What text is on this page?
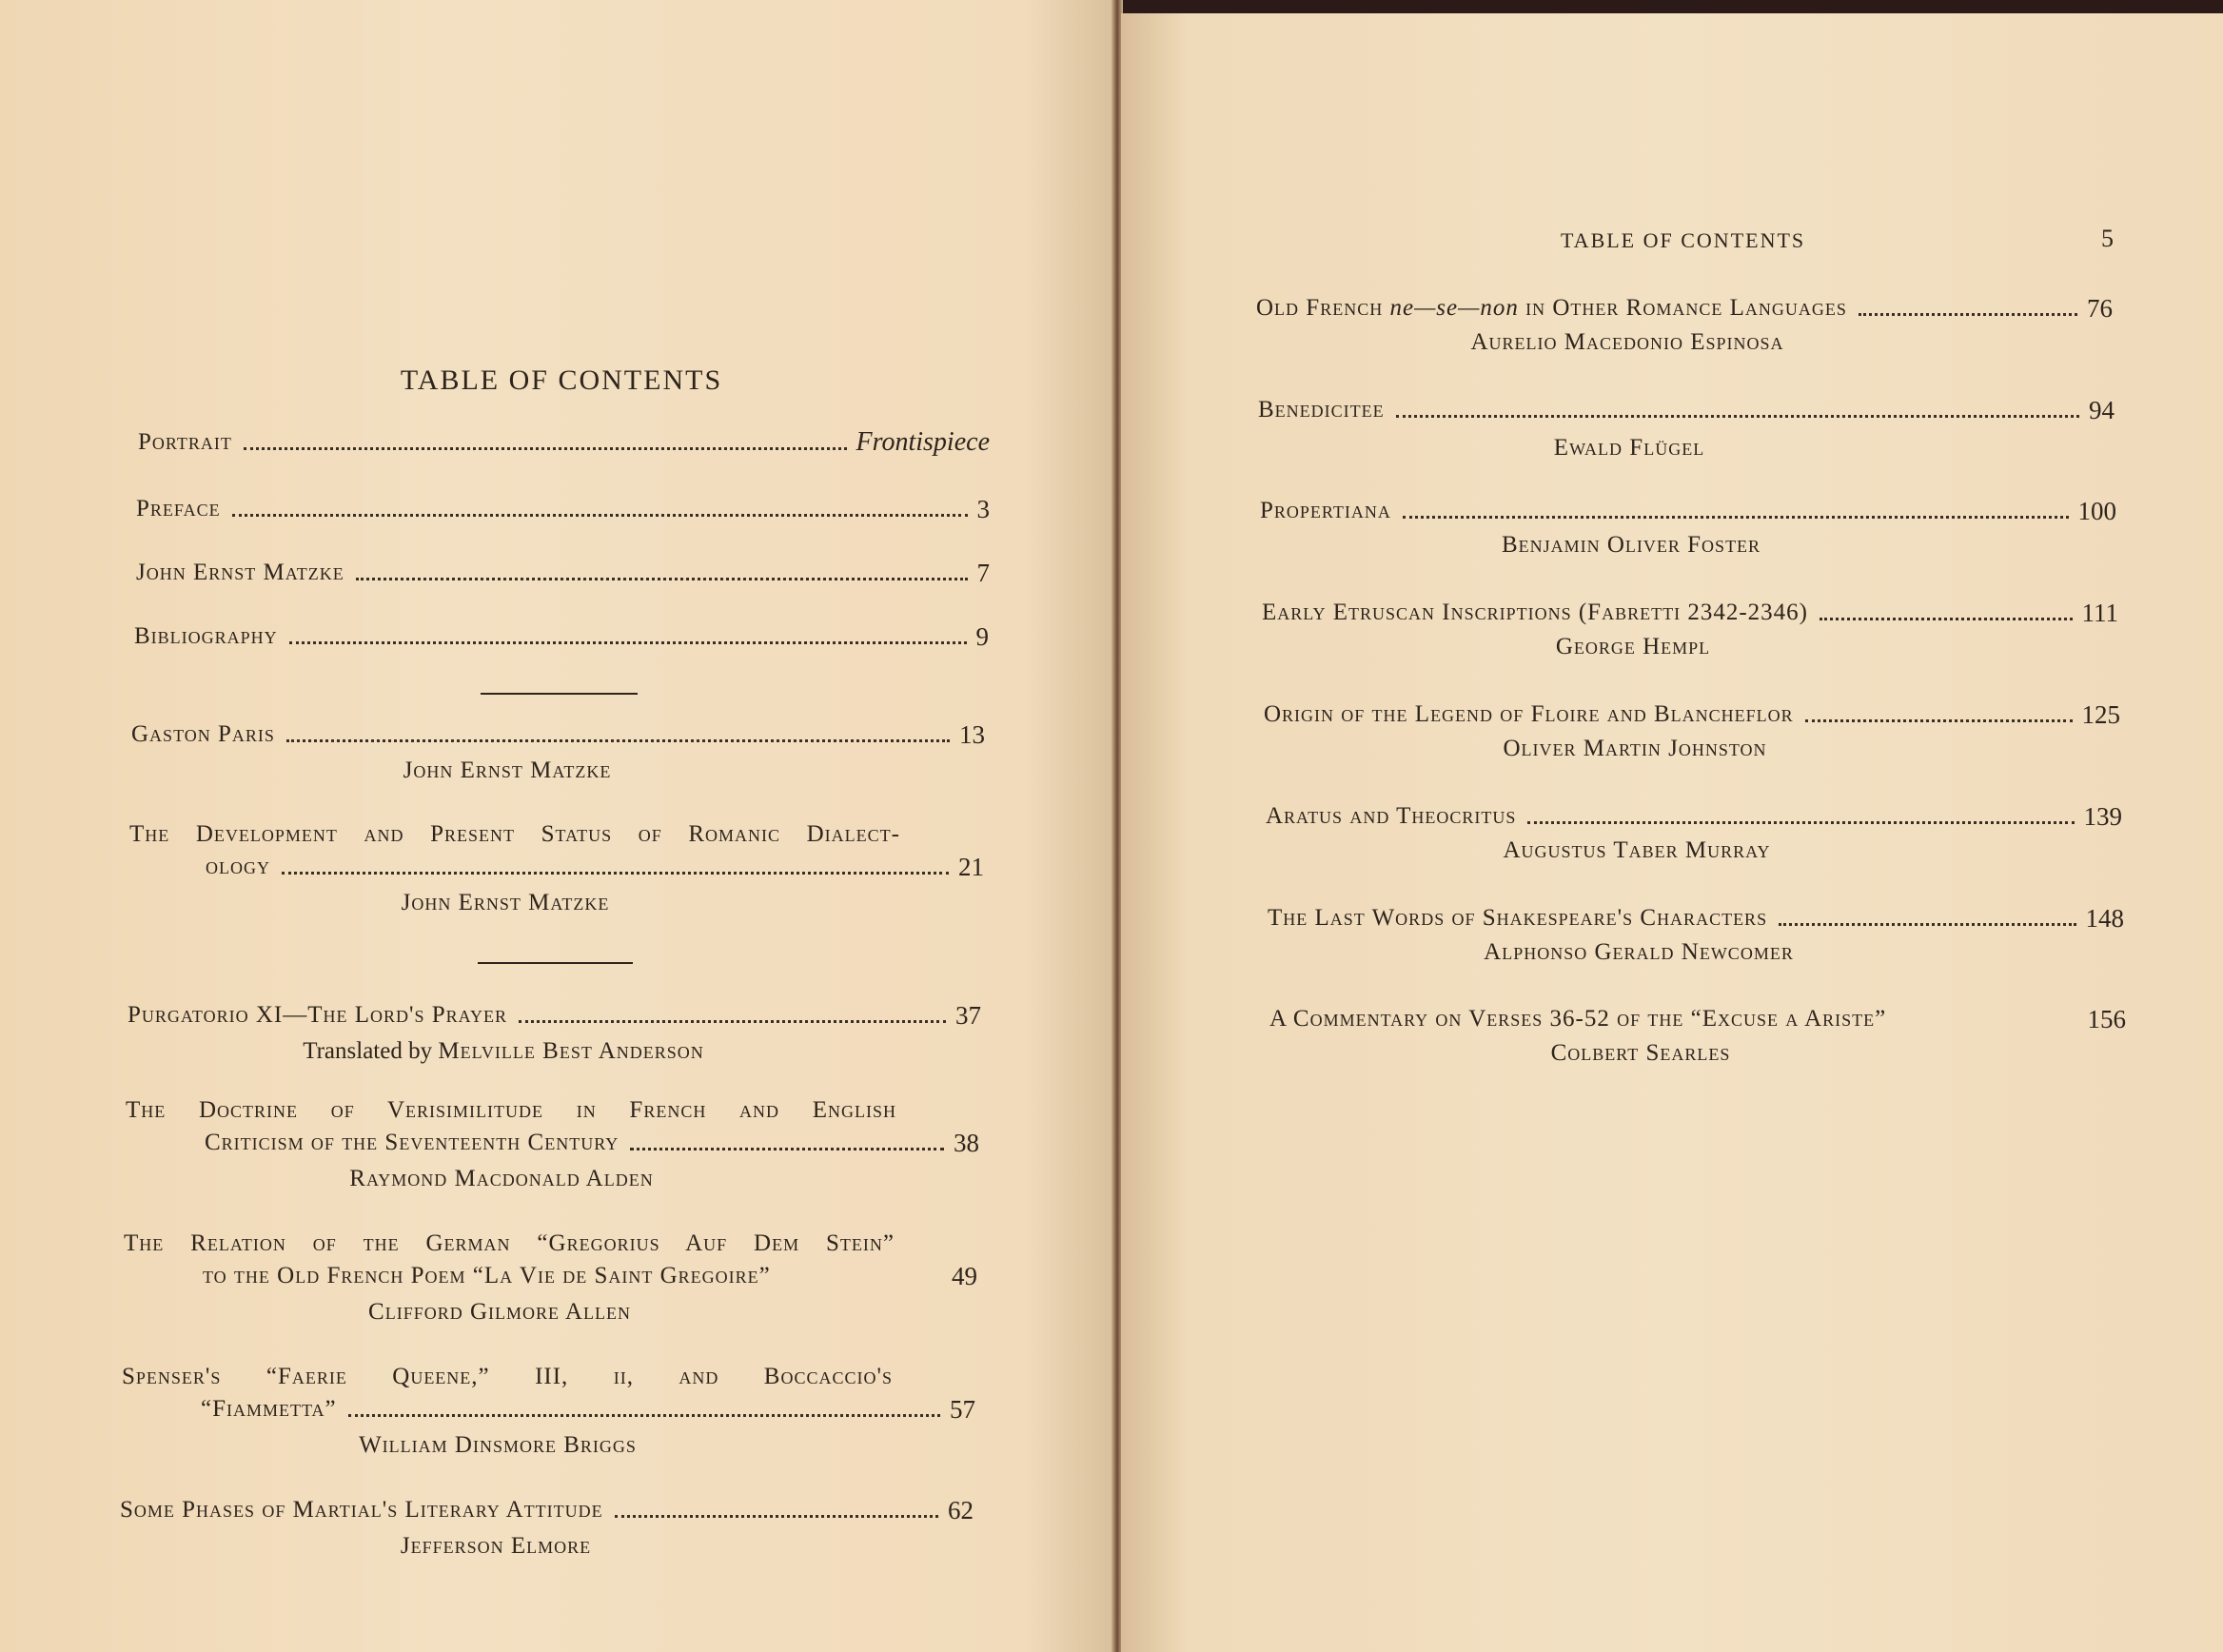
TABLE OF CONTENTS
Portrait	Frontispiece
Preface	3
John Ernst Matzke	7
Bibliography	9
Gaston Paris	13
John Ernst Matzke
The Development and Present Status of Romanic Dialect-
ology	21
John Ernst Matzke
Purgatorio XI—The Lord's Prayer	37
Translated by Melville Best Anderson
The Doctrine of Verisimilitude in French and English
Criticism of the Seventeenth Century	38
Raymond Macdonald Alden
The Relation of the German “Gregorius Auf Dem Stein”
to the Old French Poem “La Vie de Saint Gregoire”	49
Clifford Gilmore Allen
Spenser's “Faerie Queene,” III, ii, and Boccaccio's
“Fiammetta”	57
William Dinsmore Briggs
Some Phases of Martial's Literary Attitude	62
Jefferson Elmore
TABLE OF CONTENTS	5
Old French ne—se—non in Other Romance Languages	76
Aurelio Macedonio Espinosa
Benedicitee	94
Ewald Flügel
Propertiana	100
Benjamin Oliver Foster
Early Etruscan Inscriptions (Fabretti 2342-2346)	111
George Hempl
Origin of the Legend of Floire and Blancheflor	125
Oliver Martin Johnston
Aratus and Theocritus	139
Augustus Taber Murray
The Last Words of Shakespeare's Characters	148
Alphonso Gerald Newcomer
A Commentary on Verses 36-52 of the “Excuse a Ariste”	156
Colbert Searles
